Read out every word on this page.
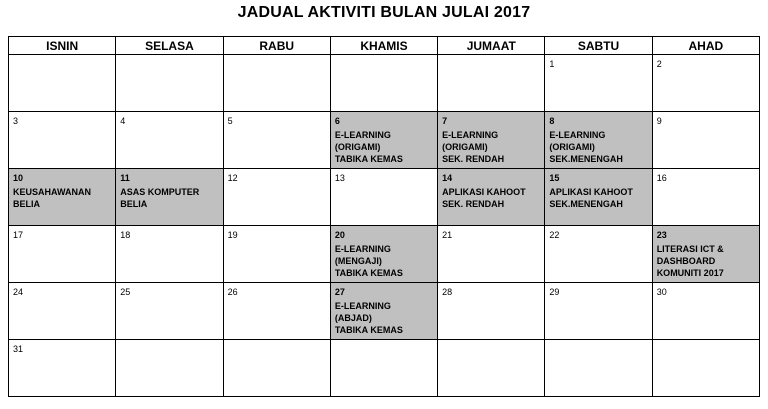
JADUAL AKTIVITI BULAN JULAI 2017
ISNIN	SELASA	RABU	KHAMIS	JUMAAT	SABTU	AHAD

					1	2

3	4	5	6
E-LEARNING
(ORIGAMI)
TABIKA KEMAS	7
E-LEARNING
(ORIGAMI)
SEK. RENDAH	8
E-LEARNING
(ORIGAMI)
SEK.MENENGAH	9

10
KEUSAHAWANAN
BELIA	11
ASAS KOMPUTER
BELIA	12	13	14
APLIKASI KAHOOT
SEK. RENDAH	15
APLIKASI KAHOOT
SEK.MENENGAH	16

17	18	19	20
E-LEARNING
(MENGAJI)
TABIKA KEMAS	21	22	23
LITERASI ICT &
DASHBOARD
KOMUNITI 2017

24	25	26	27
E-LEARNING
(ABJAD)
TABIKA KEMAS	28	29	30

31						
